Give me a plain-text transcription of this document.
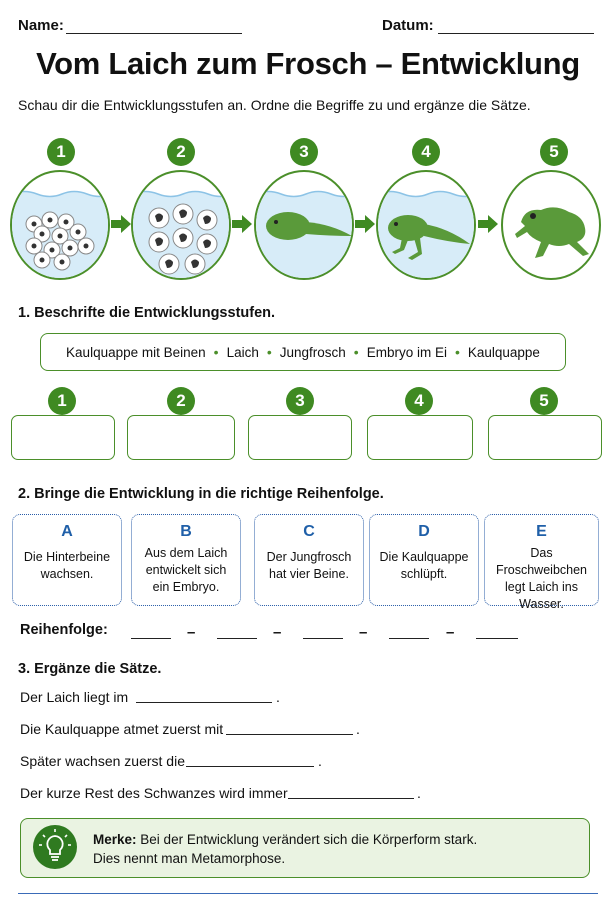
Name:	Datum:
Vom Laich zum Frosch – Entwicklung
Schau dir die Entwicklungsstufen an. Ordne die Begriffe zu und ergänze die Sätze.
1	2	3	4	5
1. Beschrifte die Entwicklungsstufen.
Kaulquappe mit Beinen • Laich • Jungfrosch • Embryo im Ei • Kaulquappe
1	2	3	4	5
2. Bringe die Entwicklung in die richtige Reihenfolge.
A
Die Hinterbeine wachsen.
B
Aus dem Laich entwickelt sich ein Embryo.
C
Der Jungfrosch hat vier Beine.
D
Die Kaulquappe schlüpft.
E
Das Froschweibchen legt Laich ins Wasser.
Reihenfolge:	–	–	–	–
3. Ergänze die Sätze.
Der Laich liegt im	.
Die Kaulquappe atmet zuerst mit	.
Später wachsen zuerst die	.
Der kurze Rest des Schwanzes wird immer	.
Merke: Bei der Entwicklung verändert sich die Körperform stark.
Dies nennt man Metamorphose.
